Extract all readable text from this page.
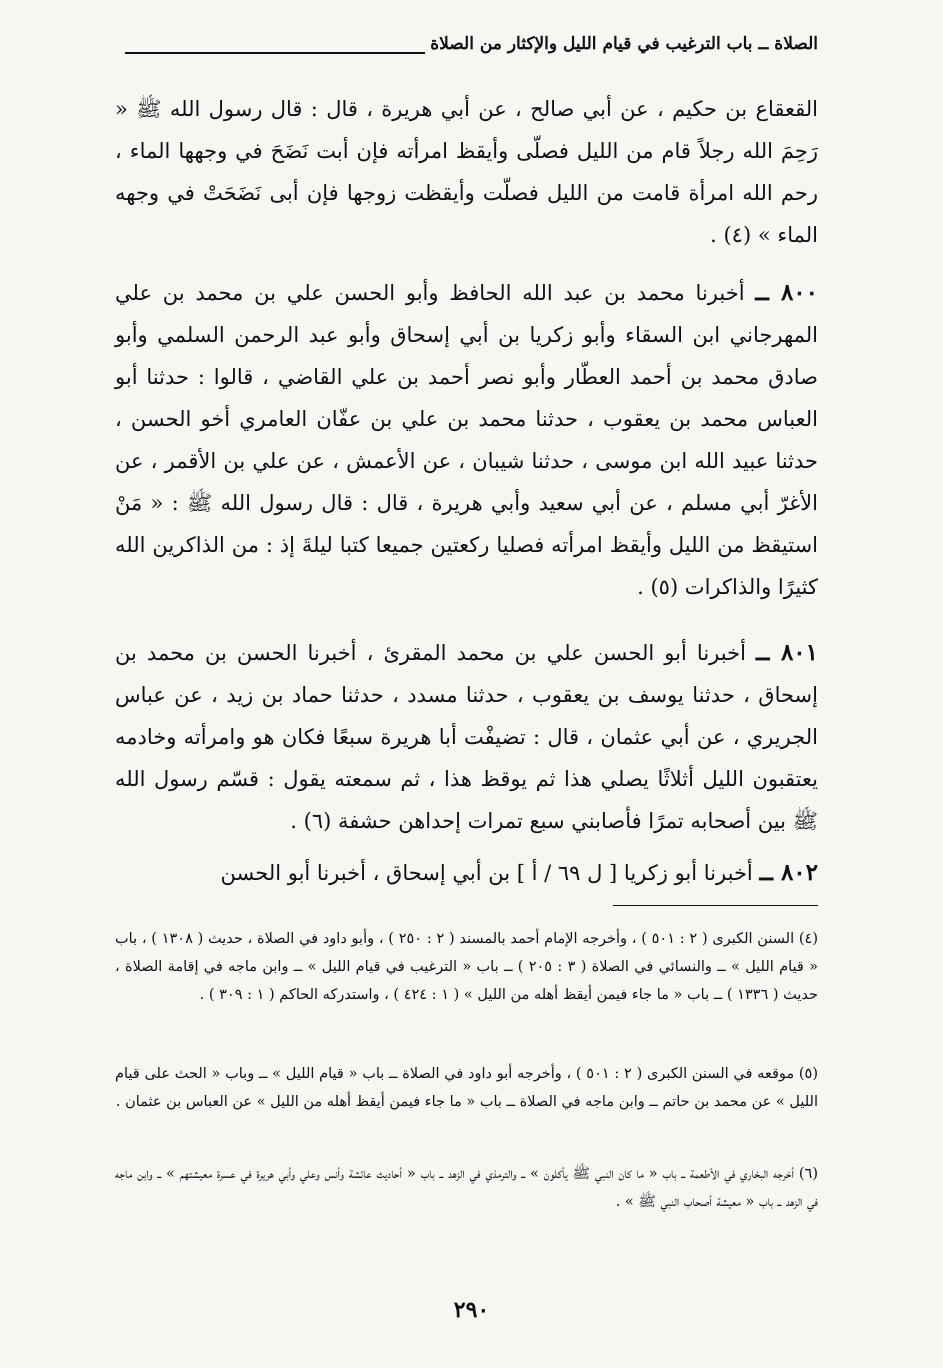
الصلاة ــ باب الترغيب في قيام الليل والإكثار من الصلاة
القعقاع بن حكيم ، عن أبي صالح ، عن أبي هريرة ، قال : قال رسول الله ﷺ « رَحِمَ الله رجلاً قام من الليل فصلّى وأيقظ امرأته فإن أبت نَضَحَ في وجهها الماء ، رحم الله امرأة قامت من الليل فصلّت وأيقظت زوجها فإن أبى نَضَحَتْ في وجهه الماء » (٤) .
٨٠٠ ــ أخبرنا محمد بن عبد الله الحافظ وأبو الحسن علي بن محمد بن علي المهرجاني ابن السقاء وأبو زكريا بن أبي إسحاق وأبو عبد الرحمن السلمي وأبو صادق محمد بن أحمد العطّار وأبو نصر أحمد بن علي القاضي ، قالوا : حدثنا أبو العباس محمد بن يعقوب ، حدثنا محمد بن علي بن عفّان العامري أخو الحسن ، حدثنا عبيد الله ابن موسى ، حدثنا شيبان ، عن الأعمش ، عن علي بن الأقمر ، عن الأغرّ أبي مسلم ، عن أبي سعيد وأبي هريرة ، قال : قال رسول الله ﷺ : « مَنْ استيقظ من الليل وأيقظ امرأته فصليا ركعتين جميعا كتبا ليلةَ إذ : من الذاكرين الله كثيرًا والذاكرات (٥) .
٨٠١ ــ أخبرنا أبو الحسن علي بن محمد المقرئ ، أخبرنا الحسن بن محمد بن إسحاق ، حدثنا يوسف بن يعقوب ، حدثنا مسدد ، حدثنا حماد بن زيد ، عن عباس الجريري ، عن أبي عثمان ، قال : تضيفْت أبا هريرة سبعًا فكان هو وامرأته وخادمه يعتقبون الليل أثلاثًا يصلي هذا ثم يوقظ هذا ، ثم سمعته يقول : قسّم رسول الله ﷺ بين أصحابه تمرًا فأصابني سبع تمرات إحداهن حشفة (٦) .
٨٠٢ ــ أخبرنا أبو زكريا [ ل ٦٩ / أ ] بن أبي إسحاق ، أخبرنا أبو الحسن
(٤) السنن الكبرى ( ٢ : ٥٠١ ) ، وأخرجه الإمام أحمد بالمسند ( ٢ : ٢٥٠ ) ، وأبو داود في الصلاة ، حديث ( ١٣٠٨ ) ، باب « قيام الليل » ــ والنسائي في الصلاة ( ٣ : ٢٠٥ ) ــ باب « الترغيب في قيام الليل » ــ وابن ماجه في إقامة الصلاة ، حديث ( ١٣٣٦ ) ــ باب « ما جاء فيمن أيقظ أهله من الليل » ( ١ : ٤٢٤ ) ، واستدركه الحاكم ( ١ : ٣٠٩ ) .
(٥) موقعه في السنن الكبرى ( ٢ : ٥٠١ ) ، وأخرجه أبو داود في الصلاة ــ باب « قيام الليل » ــ وباب « الحث على قيام الليل » عن محمد بن حاتم ــ وابن ماجه في الصلاة ــ باب « ما جاء فيمن أيقظ أهله من الليل » عن العباس بن عثمان .
(٦) أخرجه البخاري في الأطعمة ــ باب « ما كان النبي ﷺ يأكلون » ــ والترمذي في الزهد ــ باب « أحاديث عائشة وأنس وعلي وأبي هريرة في عسرة معيشتهم » ــ وابن ماجه في الزهد ــ باب « معيشة أصحاب النبي ﷺ » .
٢٩٠
